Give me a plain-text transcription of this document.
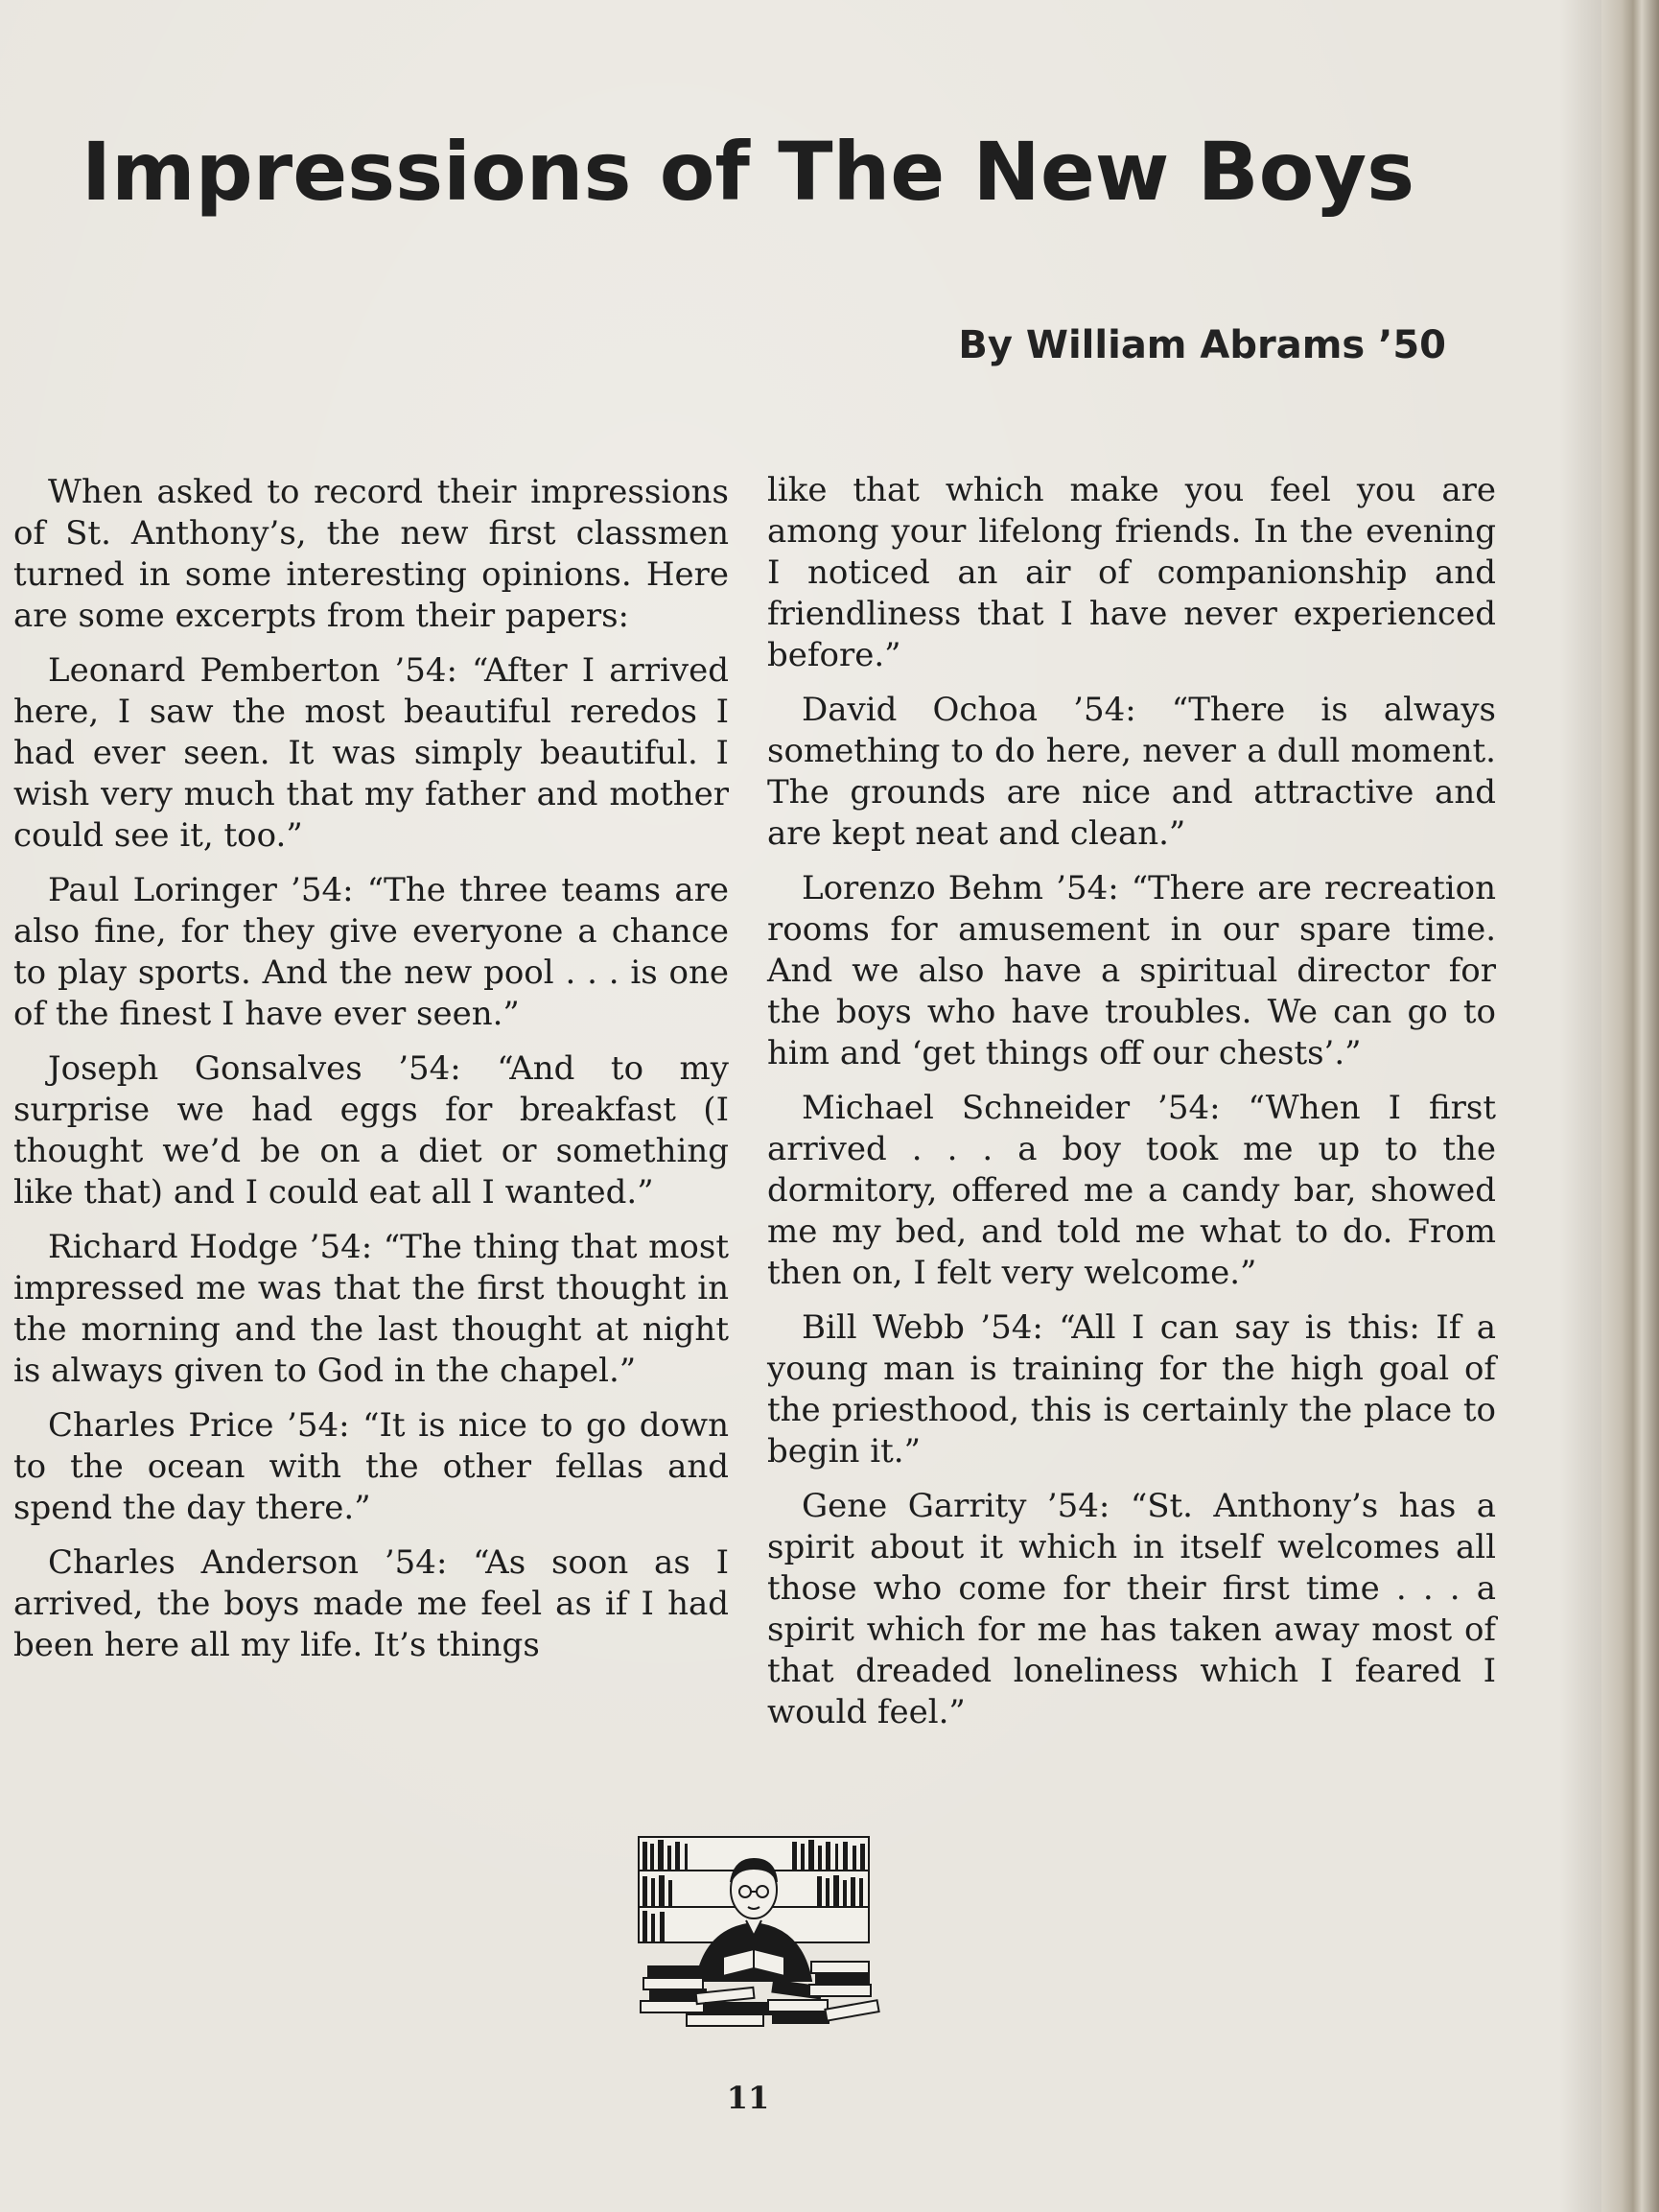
Impressions of The New Boys
By William Abrams ’50

When asked to record their impressions of St. Anthony’s, the new first classmen turned in some interesting opinions. Here are some excerpts from their papers:

Leonard Pemberton ’54: “After I arrived here, I saw the most beautiful reredos I had ever seen. It was simply beautiful. I wish very much that my father and mother could see it, too.”

Paul Loringer ’54: “The three teams are also fine, for they give everyone a chance to play sports. And the new pool . . . is one of the finest I have ever seen.”

Joseph Gonsalves ’54: “And to my surprise we had eggs for breakfast (I thought we’d be on a diet or something like that) and I could eat all I wanted.”

Richard Hodge ’54: “The thing that most impressed me was that the first thought in the morning and the last thought at night is always given to God in the chapel.”

Charles Price ’54: “It is nice to go down to the ocean with the other fellas and spend the day there.”

Charles Anderson ’54: “As soon as I arrived, the boys made me feel as if I had been here all my life. It’s things

like that which make you feel you are among your lifelong friends. In the evening I noticed an air of companionship and friendliness that I have never experienced before.”

David Ochoa ’54: “There is always something to do here, never a dull moment. The grounds are nice and attractive and are kept neat and clean.”

Lorenzo Behm ’54: “There are recreation rooms for amusement in our spare time. And we also have a spiritual director for the boys who have troubles. We can go to him and ‘get things off our chests’.”

Michael Schneider ’54: “When I first arrived . . . a boy took me up to the dormitory, offered me a candy bar, showed me my bed, and told me what to do. From then on, I felt very welcome.”

Bill Webb ’54: “All I can say is this: If a young man is training for the high goal of the priesthood, this is certainly the place to begin it.”

Gene Garrity ’54: “St. Anthony’s has a spirit about it which in itself welcomes all those who come for their first time . . . a spirit which for me has taken away most of that dreaded loneliness which I feared I would feel.”

11
